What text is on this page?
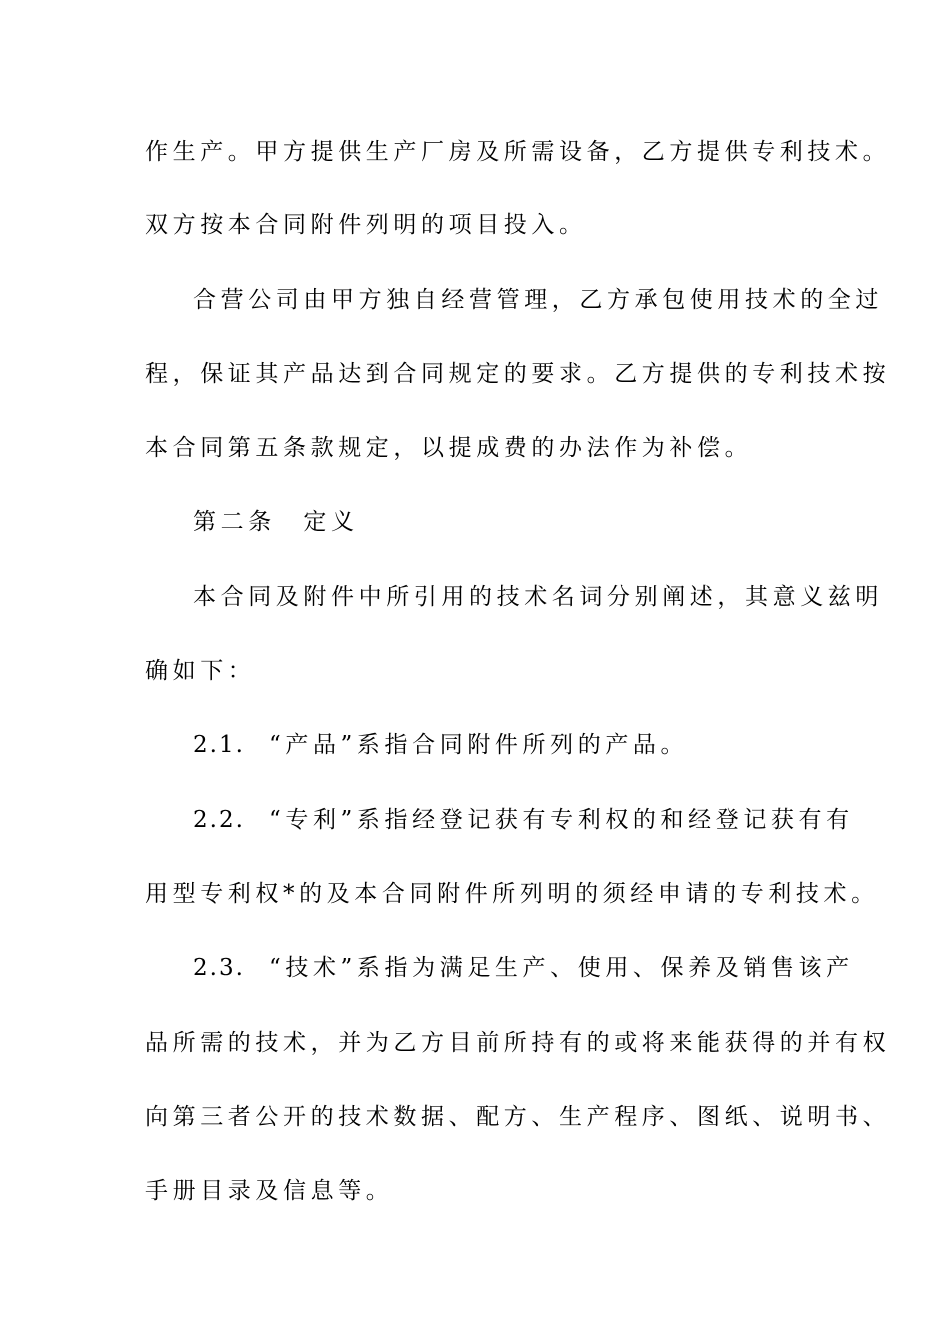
作生产。甲方提供生产厂房及所需设备，乙方提供专利技术。
双方按本合同附件列明的项目投入。
合营公司由甲方独自经营管理，乙方承包使用技术的全过
程，保证其产品达到合同规定的要求。乙方提供的专利技术按
本合同第五条款规定，以提成费的办法作为补偿。
第二条　定义
本合同及附件中所引用的技术名词分别阐述，其意义兹明
确如下：
2.1. “产品”系指合同附件所列的产品。
2.2. “专利”系指经登记获有专利权的和经登记获有有
用型专利权*的及本合同附件所列明的须经申请的专利技术。
2.3. “技术”系指为满足生产、使用、保养及销售该产
品所需的技术，并为乙方目前所持有的或将来能获得的并有权
向第三者公开的技术数据、配方、生产程序、图纸、说明书、
手册目录及信息等。
